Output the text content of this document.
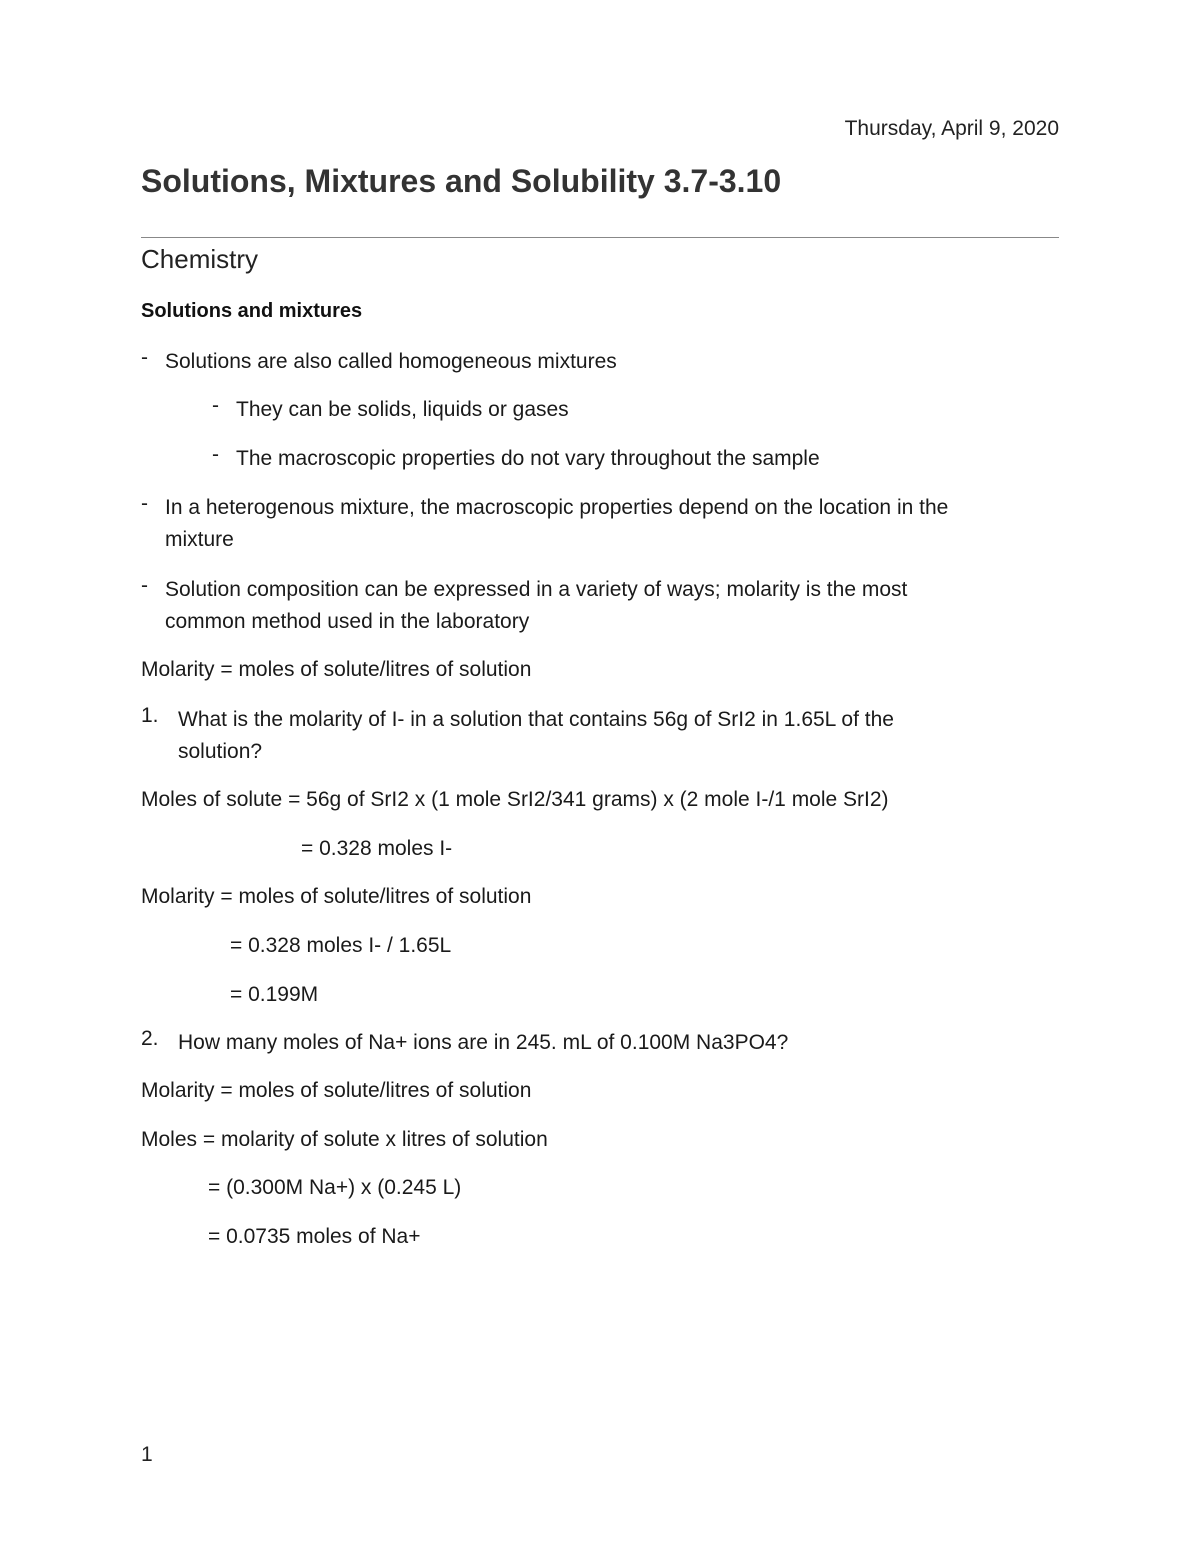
Thursday, April 9, 2020
Solutions, Mixtures and Solubility 3.7-3.10
Chemistry
Solutions and mixtures
- Solutions are also called homogeneous mixtures
- They can be solids, liquids or gases
- The macroscopic properties do not vary throughout the sample
- In a heterogenous mixture, the macroscopic properties depend on the location in the
mixture
- Solution composition can be expressed in a variety of ways; molarity is the most
common method used in the laboratory
Molarity = moles of solute/litres of solution
1. What is the molarity of I- in a solution that contains 56g of SrI2 in 1.65L of the
solution?
Moles of solute = 56g of SrI2 x (1 mole SrI2/341 grams) x (2 mole I-/1 mole SrI2)
= 0.328 moles I-
Molarity = moles of solute/litres of solution
= 0.328 moles I- / 1.65L
= 0.199M
2. How many moles of Na+ ions are in 245. mL of 0.100M Na3PO4?
Molarity = moles of solute/litres of solution
Moles = molarity of solute x litres of solution
= (0.300M Na+) x (0.245 L)
= 0.0735 moles of Na+
1
